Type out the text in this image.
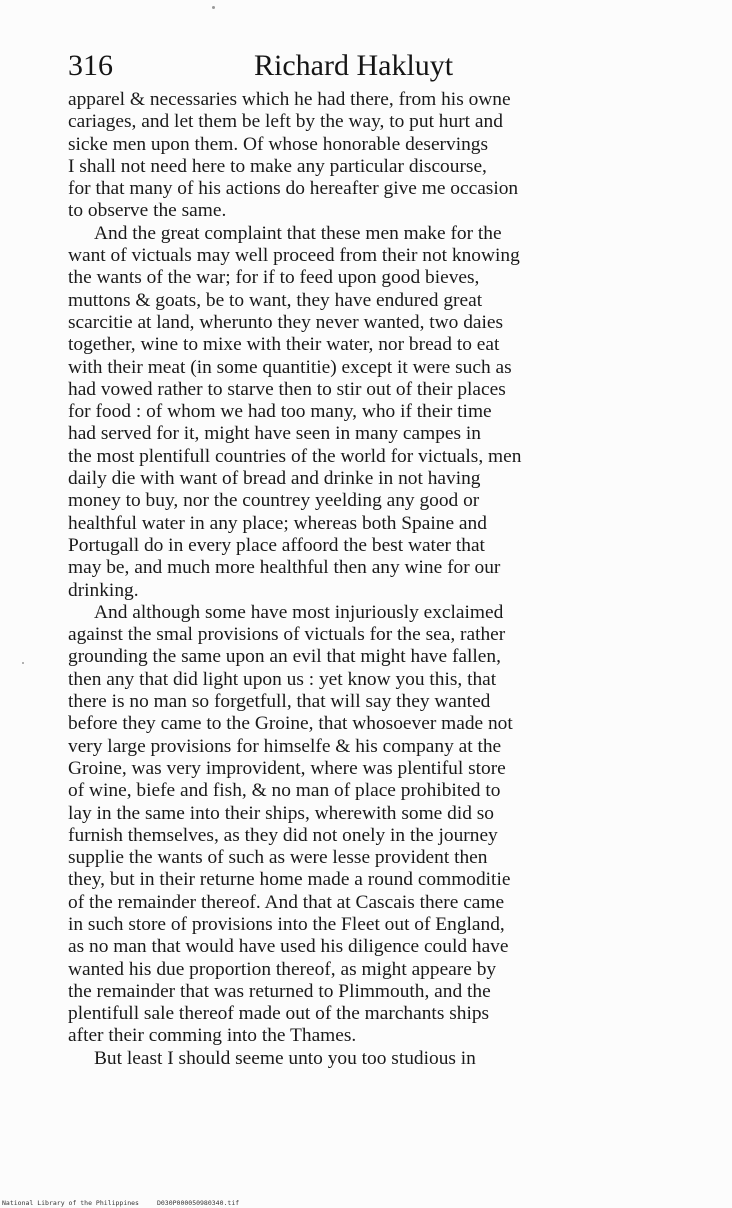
316	Richard Hakluyt
apparel & necessaries which he had there, from his owne
cariages, and let them be left by the way, to put hurt and
sicke men upon them. Of whose honorable deservings
I shall not need here to make any particular discourse,
for that many of his actions do hereafter give me occasion
to observe the same.
And the great complaint that these men make for the
want of victuals may well proceed from their not knowing
the wants of the war; for if to feed upon good bieves,
muttons & goats, be to want, they have endured great
scarcitie at land, wherunto they never wanted, two daies
together, wine to mixe with their water, nor bread to eat
with their meat (in some quantitie) except it were such as
had vowed rather to starve then to stir out of their places
for food : of whom we had too many, who if their time
had served for it, might have seen in many campes in
the most plentifull countries of the world for victuals, men
daily die with want of bread and drinke in not having
money to buy, nor the countrey yeelding any good or
healthful water in any place; whereas both Spaine and
Portugall do in every place affoord the best water that
may be, and much more healthful then any wine for our
drinking.
And although some have most injuriously exclaimed
against the smal provisions of victuals for the sea, rather
grounding the same upon an evil that might have fallen,
then any that did light upon us : yet know you this, that
there is no man so forgetfull, that will say they wanted
before they came to the Groine, that whosoever made not
very large provisions for himselfe & his company at the
Groine, was very improvident, where was plentiful store
of wine, biefe and fish, & no man of place prohibited to
lay in the same into their ships, wherewith some did so
furnish themselves, as they did not onely in the journey
supplie the wants of such as were lesse provident then
they, but in their returne home made a round commoditie
of the remainder thereof. And that at Cascais there came
in such store of provisions into the Fleet out of England,
as no man that would have used his diligence could have
wanted his due proportion thereof, as might appeare by
the remainder that was returned to Plimmouth, and the
plentifull sale thereof made out of the marchants ships
after their comming into the Thames.
But least I should seeme unto you too studious in
National Library of the Philippines	D030P000050980340.tif
